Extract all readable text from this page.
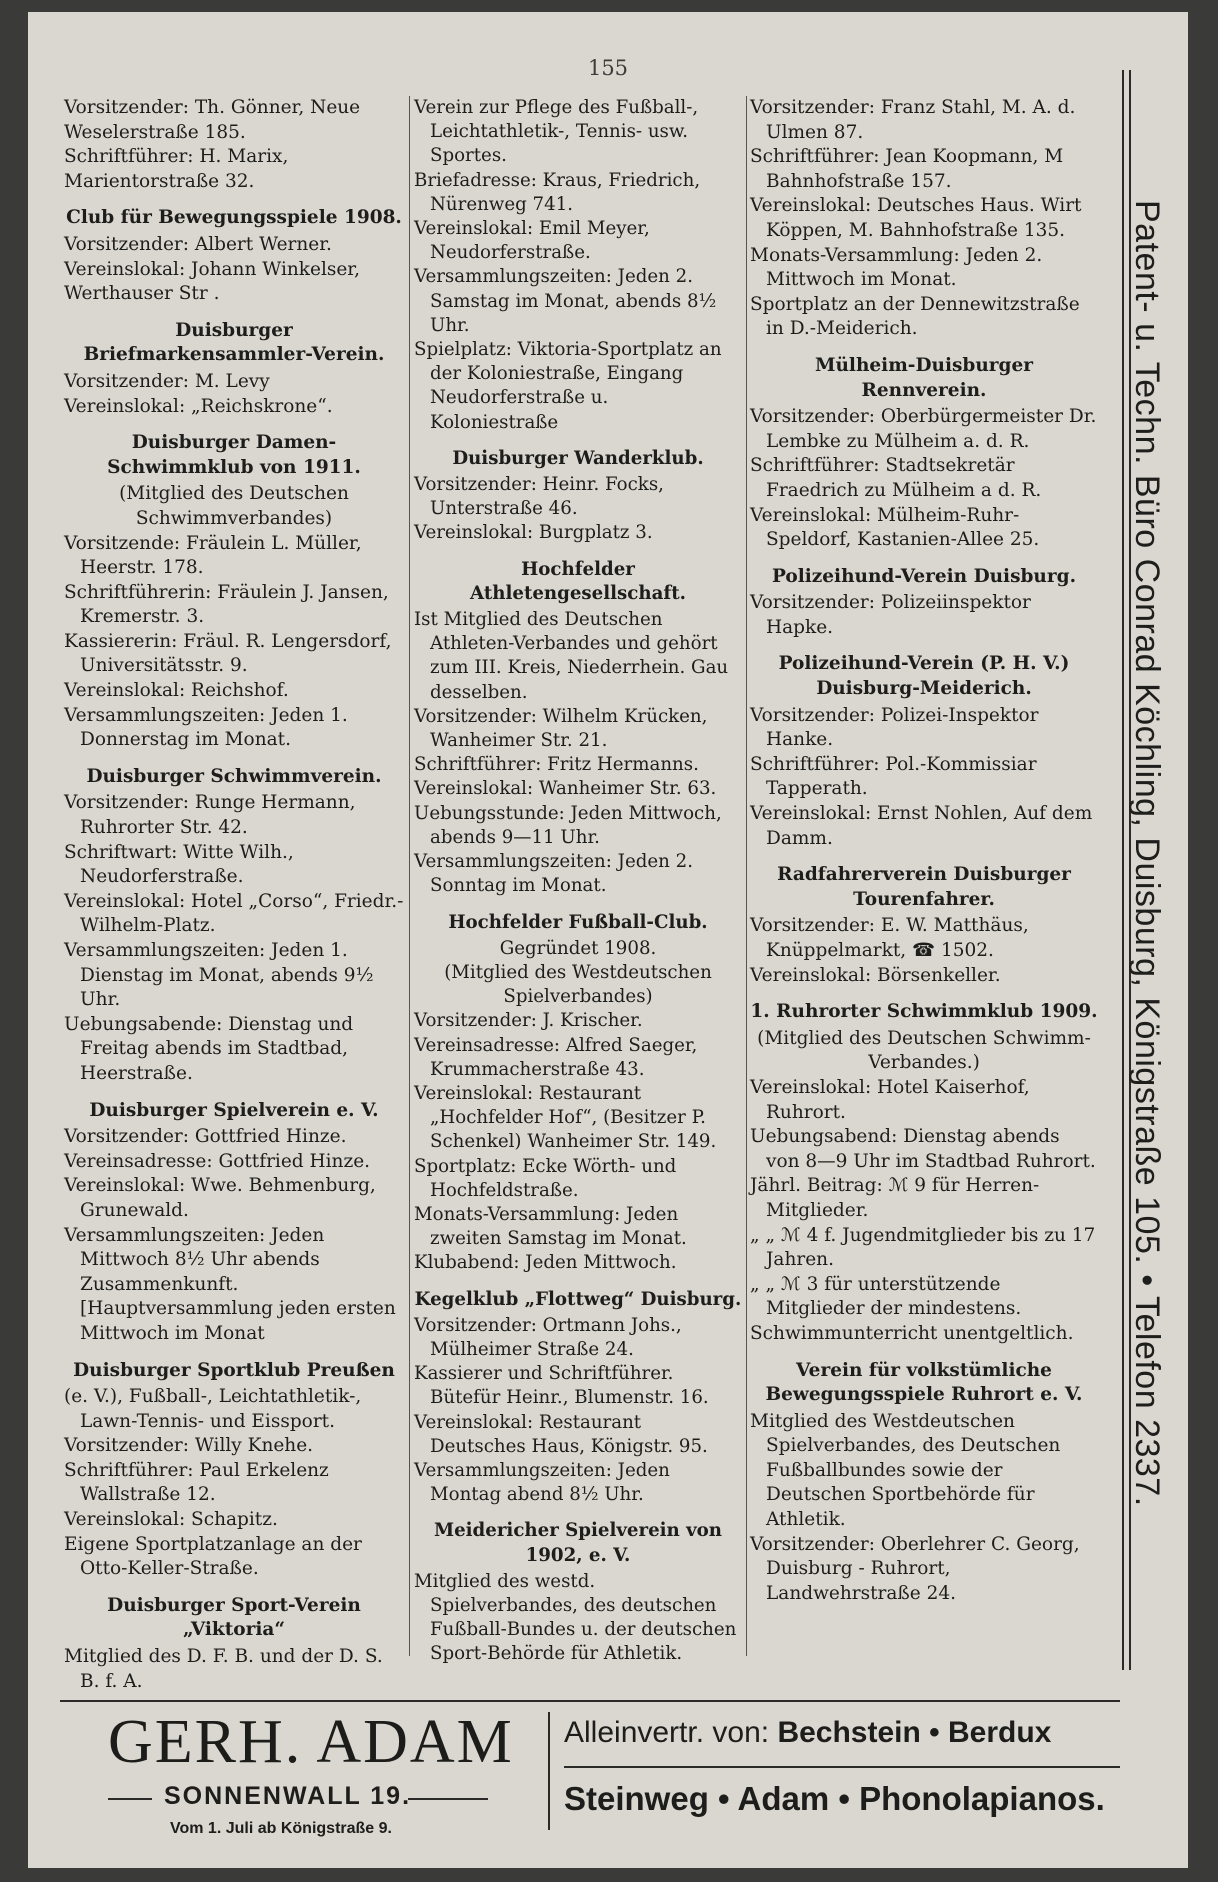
155
Vorsitzender: Th. Gönner, Neue
Weselerstraße 185.
Schriftführer: H. Marix,
Marientorstraße 32.
Club für Bewegungsspiele 1908.
Vorsitzender: Albert Werner.
Vereinslokal: Johann Winkelser,
Werthauser Str .
Duisburger Briefmarkensammler-Verein.
Vorsitzender: M. Levy
Vereinslokal: „Reichskrone“.
Duisburger Damen-Schwimmklub von 1911.
(Mitglied des Deutschen Schwimmverbandes)
Vorsitzende: Fräulein L. Müller, Heerstr. 178.
Schriftführerin: Fräulein J. Jansen, Kremerstr. 3.
Kassiererin: Fräul. R. Lengersdorf, Universitätsstr. 9.
Vereinslokal: Reichshof.
Versammlungszeiten: Jeden 1. Donnerstag im Monat.
Duisburger Schwimmverein.
Vorsitzender: Runge Hermann, Ruhrorter Str. 42.
Schriftwart: Witte Wilh., Neudorferstraße.
Vereinslokal: Hotel „Corso“, Friedr.-Wilhelm-Platz.
Versammlungszeiten: Jeden 1. Dienstag im Monat, abends 9½ Uhr.
Uebungsabende: Dienstag und Freitag abends im Stadtbad, Heerstraße.
Duisburger Spielverein e. V.
Vorsitzender: Gottfried Hinze.
Vereinsadresse: Gottfried Hinze.
Vereinslokal: Wwe. Behmenburg, Grunewald.
Versammlungszeiten: Jeden Mittwoch 8½ Uhr abends Zusammenkunft. [Hauptversammlung jeden ersten Mittwoch im Monat
Duisburger Sportklub Preußen
(e. V.), Fußball-, Leichtathletik-, Lawn-Tennis- und Eissport.
Vorsitzender: Willy Knehe.
Schriftführer: Paul Erkelenz Wallstraße 12.
Vereinslokal: Schapitz.
Eigene Sportplatzanlage an der Otto-Keller-Straße.
Duisburger Sport-Verein „Viktoria“
Mitglied des D. F. B. und der D. S. B. f. A.
Verein zur Pflege des Fußball-, Leichtathletik-, Tennis- usw. Sportes.
Briefadresse: Kraus, Friedrich, Nürenweg 741.
Vereinslokal: Emil Meyer, Neudorferstraße.
Versammlungszeiten: Jeden 2. Samstag im Monat, abends 8½ Uhr.
Spielplatz: Viktoria-Sportplatz an der Koloniestraße, Eingang Neudorferstraße u. Koloniestraße
Duisburger Wanderklub.
Vorsitzender: Heinr. Focks, Unterstraße 46.
Vereinslokal: Burgplatz 3.
Hochfelder Athletengesellschaft.
Ist Mitglied des Deutschen Athleten-Verbandes und gehört zum III. Kreis, Niederrhein. Gau desselben.
Vorsitzender: Wilhelm Krücken, Wanheimer Str. 21.
Schriftführer: Fritz Hermanns.
Vereinslokal: Wanheimer Str. 63.
Uebungsstunde: Jeden Mittwoch, abends 9—11 Uhr.
Versammlungszeiten: Jeden 2. Sonntag im Monat.
Hochfelder Fußball-Club.
Gegründet 1908.
(Mitglied des Westdeutschen Spielverbandes)
Vorsitzender: J. Krischer.
Vereinsadresse: Alfred Saeger, Krummacherstraße 43.
Vereinslokal: Restaurant „Hochfelder Hof“, (Besitzer P. Schenkel) Wanheimer Str. 149.
Sportplatz: Ecke Wörth- und Hochfeldstraße.
Monats-Versammlung: Jeden zweiten Samstag im Monat.
Klubabend: Jeden Mittwoch.
Kegelklub „Flottweg“ Duisburg.
Vorsitzender: Ortmann Johs., Mülheimer Straße 24.
Kassierer und Schriftführer. Bütefür Heinr., Blumenstr. 16.
Vereinslokal: Restaurant Deutsches Haus, Königstr. 95.
Versammlungszeiten: Jeden Montag abend 8½ Uhr.
Meidericher Spielverein von 1902, e. V.
Mitglied des westd. Spielverbandes, des deutschen Fußball-Bundes u. der deutschen Sport-Behörde für Athletik.
Vorsitzender: Franz Stahl, M. A. d. Ulmen 87.
Schriftführer: Jean Koopmann, M Bahnhofstraße 157.
Vereinslokal: Deutsches Haus. Wirt Köppen, M. Bahnhofstraße 135.
Monats-Versammlung: Jeden 2. Mittwoch im Monat.
Sportplatz an der Dennewitzstraße in D.-Meiderich.
Mülheim-Duisburger Rennverein.
Vorsitzender: Oberbürgermeister Dr. Lembke zu Mülheim a. d. R.
Schriftführer: Stadtsekretär Fraedrich zu Mülheim a d. R.
Vereinslokal: Mülheim-Ruhr-Speldorf, Kastanien-Allee 25.
Polizeihund-Verein Duisburg.
Vorsitzender: Polizeiinspektor Hapke.
Polizeihund-Verein (P. H. V.) Duisburg-Meiderich.
Vorsitzender: Polizei-Inspektor Hanke.
Schriftführer: Pol.-Kommissiar Tapperath.
Vereinslokal: Ernst Nohlen, Auf dem Damm.
Radfahrerverein Duisburger Tourenfahrer.
Vorsitzender: E. W. Matthäus, Knüppelmarkt, ☎ 1502.
Vereinslokal: Börsenkeller.
1. Ruhrorter Schwimmklub 1909.
(Mitglied des Deutschen Schwimm-Verbandes.)
Vereinslokal: Hotel Kaiserhof, Ruhrort.
Uebungsabend: Dienstag abends von 8—9 Uhr im Stadtbad Ruhrort.
Jährl. Beitrag: ℳ 9 für Herren-Mitglieder.
„ „ ℳ 4 f. Jugendmitglieder bis zu 17 Jahren.
„ „ ℳ 3 für unterstützende Mitglieder der mindestens.
Schwimmunterricht unentgeltlich.
Verein für volkstümliche Bewegungsspiele Ruhrort e. V.
Mitglied des Westdeutschen Spielverbandes, des Deutschen Fußballbundes sowie der Deutschen Sportbehörde für Athletik.
Vorsitzender: Oberlehrer C. Georg, Duisburg - Ruhrort, Landwehrstraße 24.
Patent- u. Techn. Büro Conrad Köchling, Duisburg, Königstraße 105. • Telefon 2337.
GERH. ADAM
SONNENWALL 19.
Vom 1. Juli ab Königstraße 9.
Alleinvertr. von: Bechstein • Berdux
Steinweg • Adam • Phonolapianos.
